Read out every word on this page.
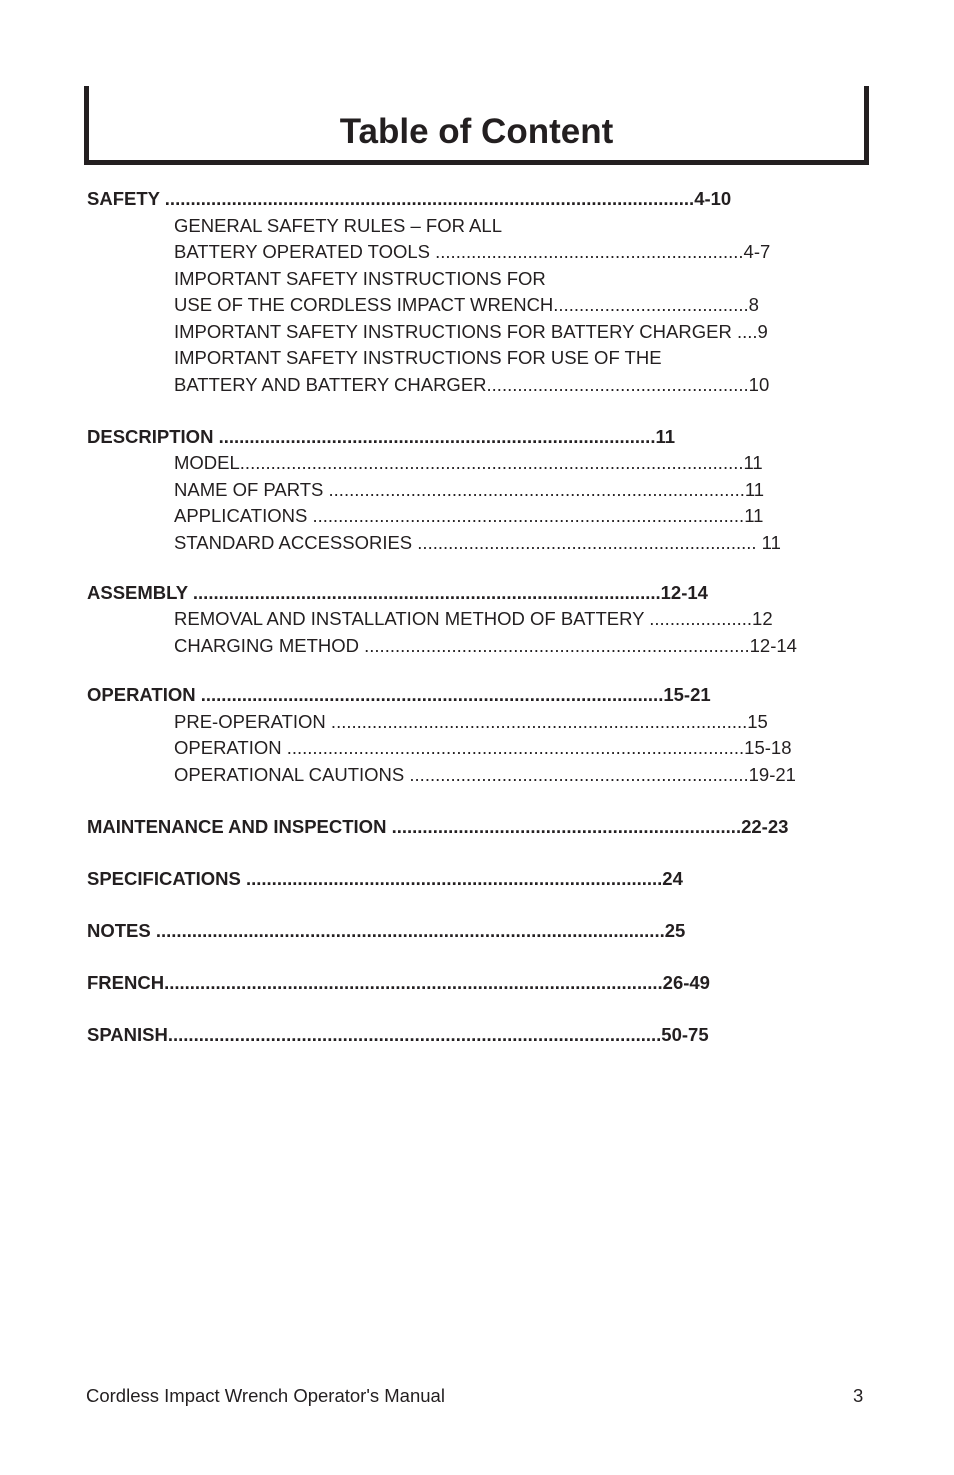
Table of Content
SAFETY .......................................................................................................4-10
GENERAL SAFETY RULES – FOR ALL
BATTERY OPERATED TOOLS ............................................................4-7
IMPORTANT SAFETY INSTRUCTIONS FOR
USE OF THE CORDLESS IMPACT WRENCH......................................8
IMPORTANT SAFETY INSTRUCTIONS FOR BATTERY CHARGER ....9
IMPORTANT SAFETY INSTRUCTIONS FOR USE OF THE
BATTERY AND BATTERY CHARGER...................................................10
DESCRIPTION .....................................................................................11
MODEL..................................................................................................11
NAME OF PARTS .................................................................................11
APPLICATIONS ....................................................................................11
STANDARD ACCESSORIES .................................................................. 11
ASSEMBLY ...........................................................................................12-14
REMOVAL AND INSTALLATION METHOD OF BATTERY ....................12
CHARGING METHOD ...........................................................................12-14
OPERATION ..........................................................................................15-21
PRE-OPERATION .................................................................................15
OPERATION .........................................................................................15-18
OPERATIONAL CAUTIONS ..................................................................19-21
MAINTENANCE AND INSPECTION ....................................................................22-23
SPECIFICATIONS .................................................................................24
NOTES ...................................................................................................25
FRENCH.................................................................................................26-49
SPANISH................................................................................................50-75
Cordless Impact Wrench Operator's Manual	3
